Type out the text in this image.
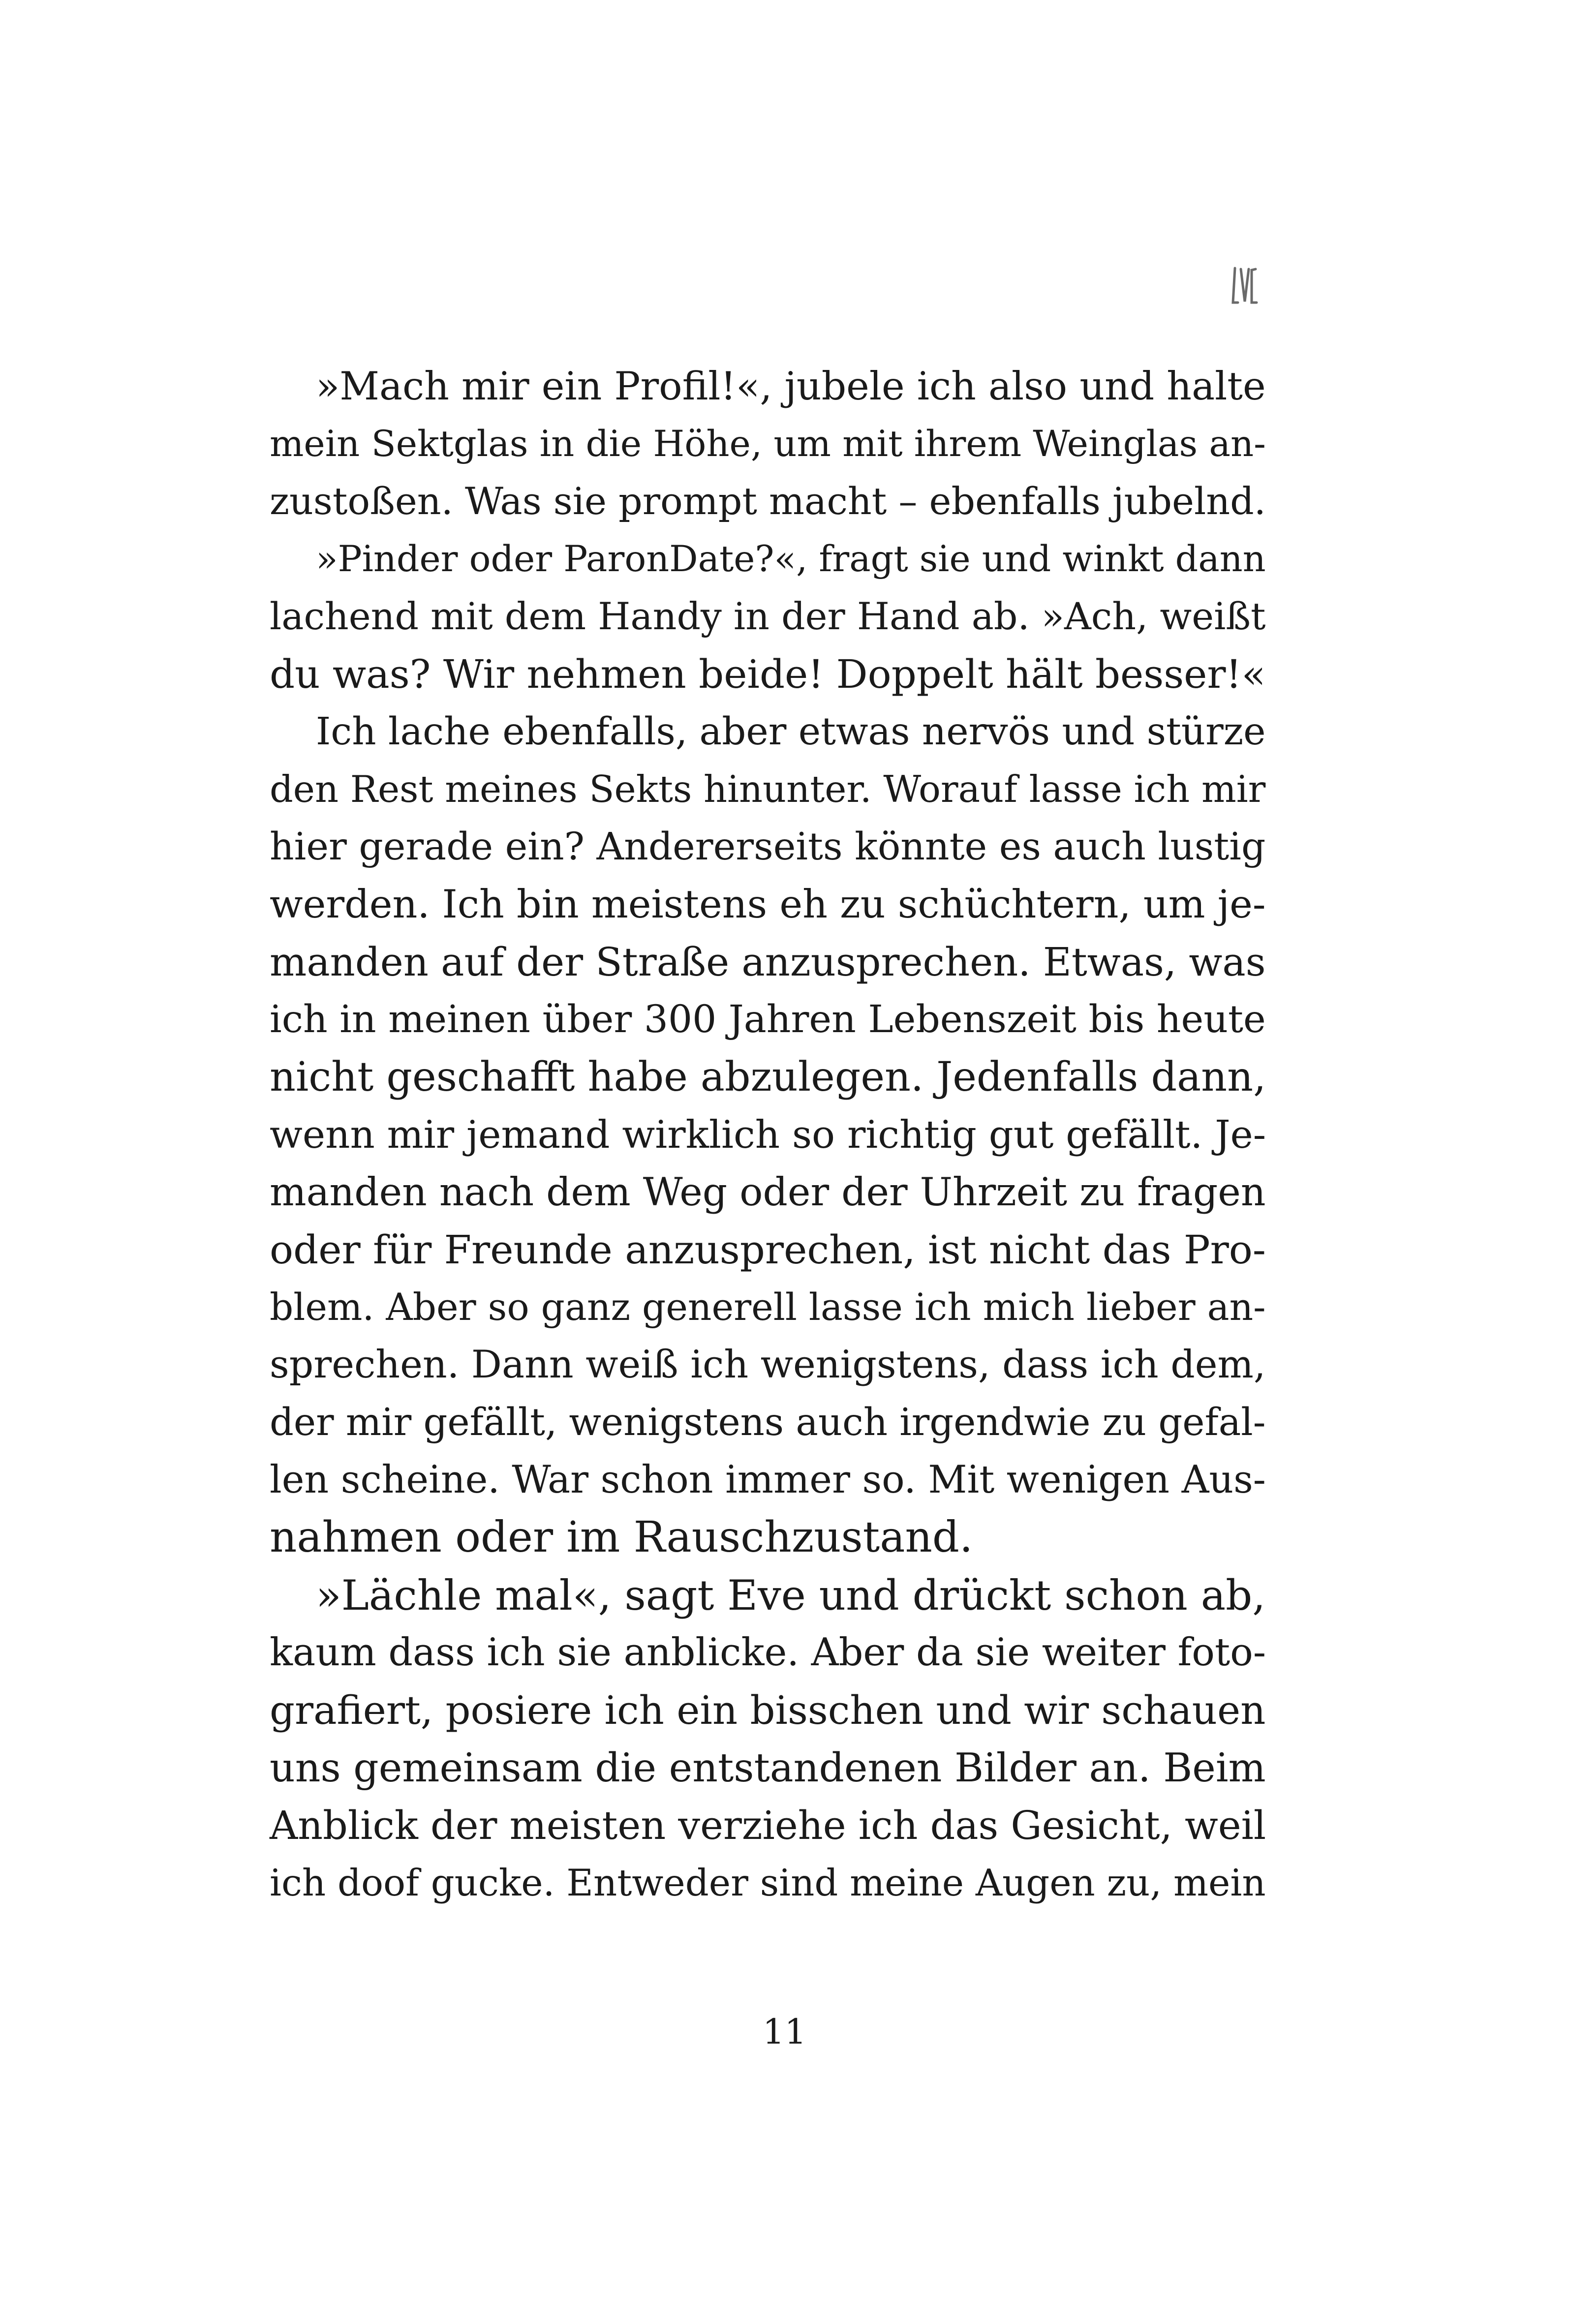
»Mach mir ein Profil!«, jubele ich also und halte
mein Sektglas in die Höhe, um mit ihrem Weinglas an-
zustoßen. Was sie prompt macht – ebenfalls jubelnd.
»Pinder oder ParonDate?«, fragt sie und winkt dann
lachend mit dem Handy in der Hand ab. »Ach, weißt
du was? Wir nehmen beide! Doppelt hält besser!«
Ich lache ebenfalls, aber etwas nervös und stürze
den Rest meines Sekts hinunter. Worauf lasse ich mir
hier gerade ein? Andererseits könnte es auch lustig
werden. Ich bin meistens eh zu schüchtern, um je-
manden auf der Straße anzusprechen. Etwas, was
ich in meinen über 300 Jahren Lebenszeit bis heute
nicht geschafft habe abzulegen. Jedenfalls dann,
wenn mir jemand wirklich so richtig gut gefällt. Je-
manden nach dem Weg oder der Uhrzeit zu fragen
oder für Freunde anzusprechen, ist nicht das Pro-
blem. Aber so ganz generell lasse ich mich lieber an-
sprechen. Dann weiß ich wenigstens, dass ich dem,
der mir gefällt, wenigstens auch irgendwie zu gefal-
len scheine. War schon immer so. Mit wenigen Aus-
nahmen oder im Rauschzustand.
»Lächle mal«, sagt Eve und drückt schon ab,
kaum dass ich sie anblicke. Aber da sie weiter foto-
grafiert, posiere ich ein bisschen und wir schauen
uns gemeinsam die entstandenen Bilder an. Beim
Anblick der meisten verziehe ich das Gesicht, weil
ich doof gucke. Entweder sind meine Augen zu, mein
11
